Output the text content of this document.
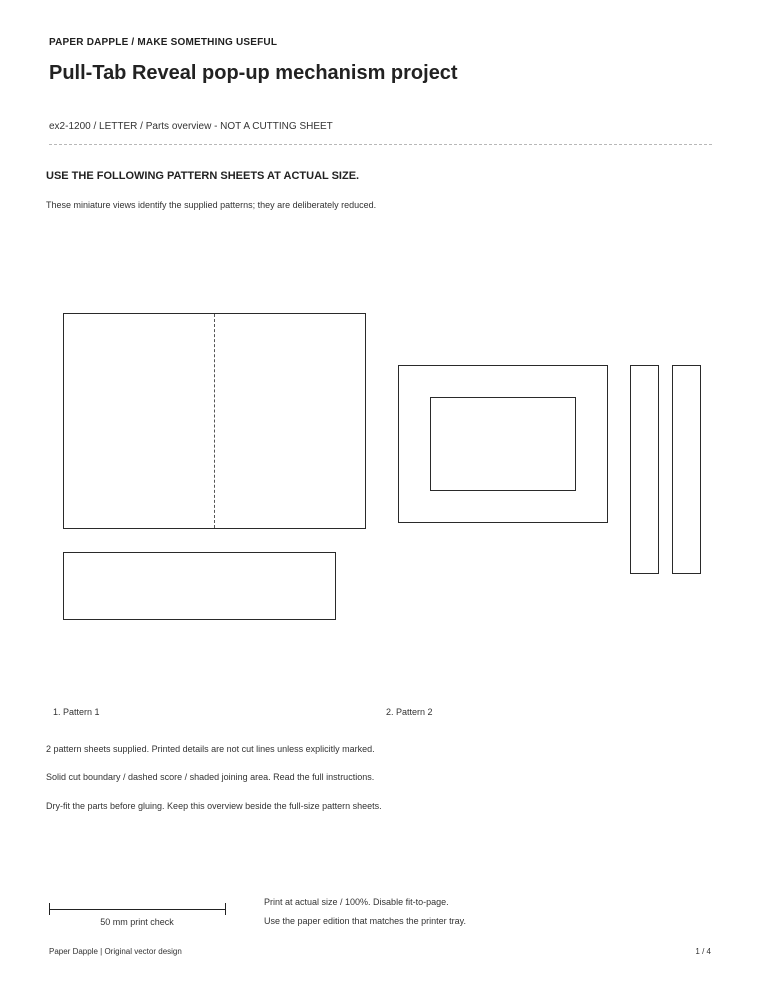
PAPER DAPPLE / MAKE SOMETHING USEFUL
Pull-Tab Reveal pop-up mechanism project
ex2-1200 / LETTER / Parts overview - NOT A CUTTING SHEET
USE THE FOLLOWING PATTERN SHEETS AT ACTUAL SIZE.
These miniature views identify the supplied patterns; they are deliberately reduced.
1. Pattern 1	2. Pattern 2
2 pattern sheets supplied. Printed details are not cut lines unless explicitly marked.
Solid cut boundary / dashed score / shaded joining area. Read the full instructions.
Dry-fit the parts before gluing. Keep this overview beside the full-size pattern sheets.
50 mm print check
Print at actual size / 100%. Disable fit-to-page.
Use the paper edition that matches the printer tray.
Paper Dapple | Original vector design	1 / 4
